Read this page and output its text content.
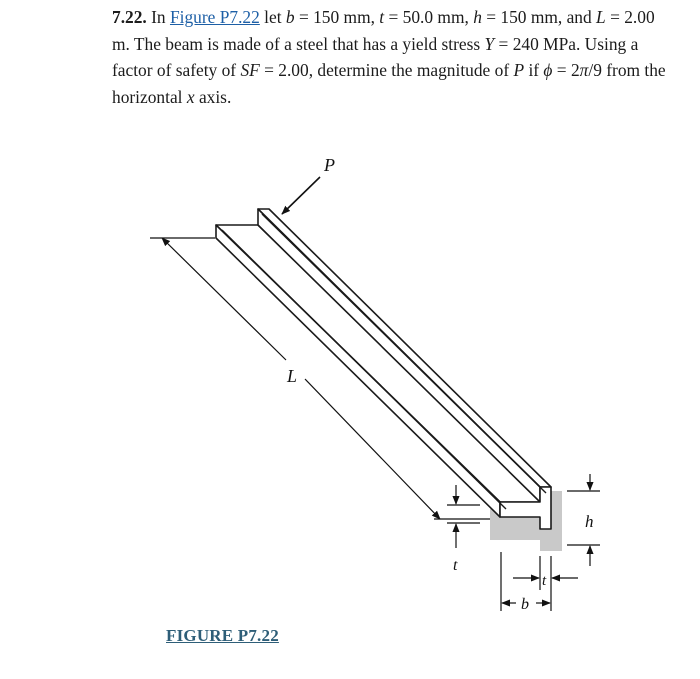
7.22. In Figure P7.22 let b = 150 mm, t = 50.0 mm, h = 150 mm, and L = 2.00 m. The beam is made of a steel that has a yield stress Y = 240 MPa. Using a factor of safety of SF = 2.00, determine the magnitude of P if ϕ = 2π/9 from the horizontal x axis.
P
L
t
h
t
b
FIGURE P7.22
